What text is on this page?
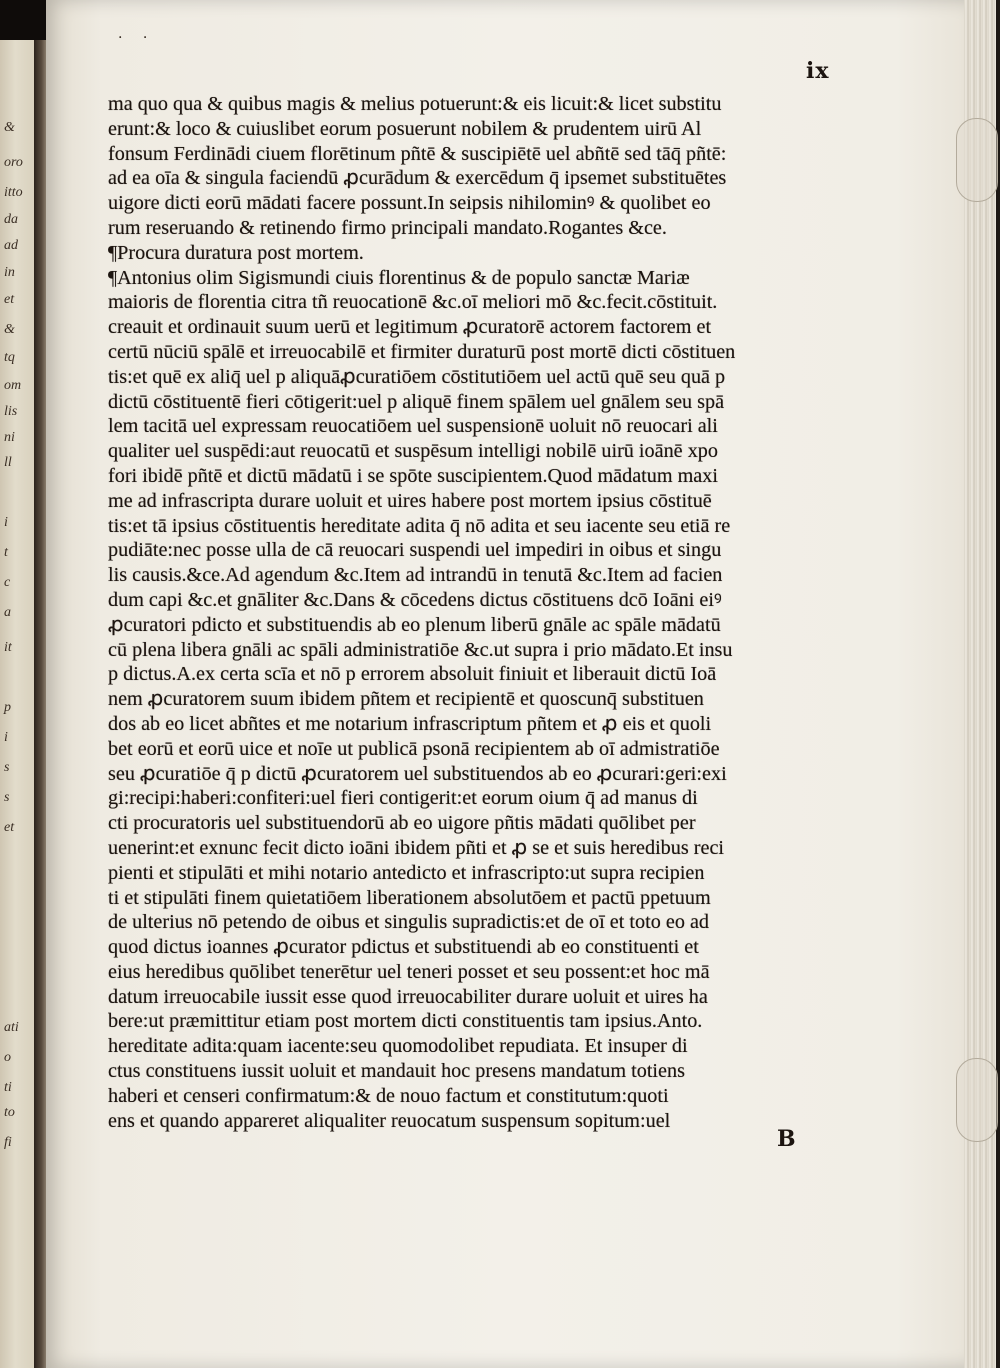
&
oro
itto
da
ad
in
et
&
tq
om
lis
ni
ll
i
t
c
a
it
p
i
s
s
et
ati
o
ti
to
fi
. .
ix
ma quo qua & quibus magis & melius potuerunt:& eis licuit:& licet substitu
erunt:& loco & cuiuslibet eorum posuerunt nobilem & prudentem uirū Al
fonsum Ferdinādi ciuem florētinum pñtē & suscipiētē uel abñtē sed tāq̄ pñtē:
ad ea oīa & singula faciendū ꝓcurādum & exercēdum q̄ ipsemet substituētes
uigore dicti eorū mādati facere possunt.In seipsis nihilominꝰ & quolibet eo
rum reseruando & retinendo firmo principali mandato.Rogantes &ce.
¶Procura duratura post mortem.
¶Antonius olim Sigismundi ciuis florentinus & de populo sanctæ Mariæ
maioris de florentia citra tñ reuocationē &c.oī meliori mō &c.fecit.cōstituit.
creauit et ordinauit suum uerū et legitimum ꝓcuratorē actorem factorem et
certū nūciū spālē et irreuocabilē et firmiter duraturū post mortē dicti cōstituen
tis:et quē ex aliq̄ uel p aliquāꝓcuratiōem cōstitutiōem uel actū quē seu quā p
dictū cōstituentē fieri cōtigerit:uel p aliquē finem spālem uel gnālem seu spā
lem tacitā uel expressam reuocatiōem uel suspensionē uoluit nō reuocari ali
qualiter uel suspēdi:aut reuocatū et suspēsum intelligi nobilē uirū ioānē xpo
fori ibidē pñtē et dictū mādatū i se spōte suscipientem.Quod mādatum maxi
me ad infrascripta durare uoluit et uires habere post mortem ipsius cōstituē
tis:et tā ipsius cōstituentis hereditate adita q̄ nō adita et seu iacente seu etiā re
pudiāte:nec posse ulla de cā reuocari suspendi uel impediri in oibus et singu
lis causis.&ce.Ad agendum &c.Item ad intrandū in tenutā &c.Item ad facien
dum capi &c.et gnāliter &c.Dans & cōcedens dictus cōstituens dcō Ioāni eiꝰ
ꝓcuratori pdicto et substituendis ab eo plenum liberū gnāle ac spāle mādatū
cū plena libera gnāli ac spāli administratiōe &c.ut supra i prio mādato.Et insu
p dictus.A.ex certa scīa et nō p errorem absoluit finiuit et liberauit dictū Ioā
nem ꝓcuratorem suum ibidem pñtem et recipientē et quoscunq̄ substituen
dos ab eo licet abñtes et me notarium infrascriptum pñtem et ꝓ eis et quoli
bet eorū et eorū uice et noīe ut publicā psonā recipientem ab oī admistratiōe
seu ꝓcuratiōe q̄ p dictū ꝓcuratorem uel substituendos ab eo ꝓcurari:geri:exi
gi:recipi:haberi:confiteri:uel fieri contigerit:et eorum oium q̄ ad manus di
cti procuratoris uel substituendorū ab eo uigore pñtis mādati quōlibet per
uenerint:et exnunc fecit dicto ioāni ibidem pñti et ꝓ se et suis heredibus reci
pienti et stipulāti et mihi notario antedicto et infrascripto:ut supra recipien
ti et stipulāti finem quietatiōem liberationem absolutōem et pactū ppetuum
de ulterius nō petendo de oibus et singulis supradictis:et de oī et toto eo ad
quod dictus ioannes ꝓcurator pdictus et substituendi ab eo constituenti et
eius heredibus quōlibet tenerētur uel teneri posset et seu possent:et hoc mā
datum irreuocabile iussit esse quod irreuocabiliter durare uoluit et uires ha
bere:ut præmittitur etiam post mortem dicti constituentis tam ipsius.Anto.
hereditate adita:quam iacente:seu quomodolibet repudiata. Et insuper di
ctus constituens iussit uoluit et mandauit hoc presens mandatum totiens
haberi et censeri confirmatum:& de nouo factum et constitutum:quoti
ens et quando appareret aliqualiter reuocatum suspensum sopitum:uel
B
